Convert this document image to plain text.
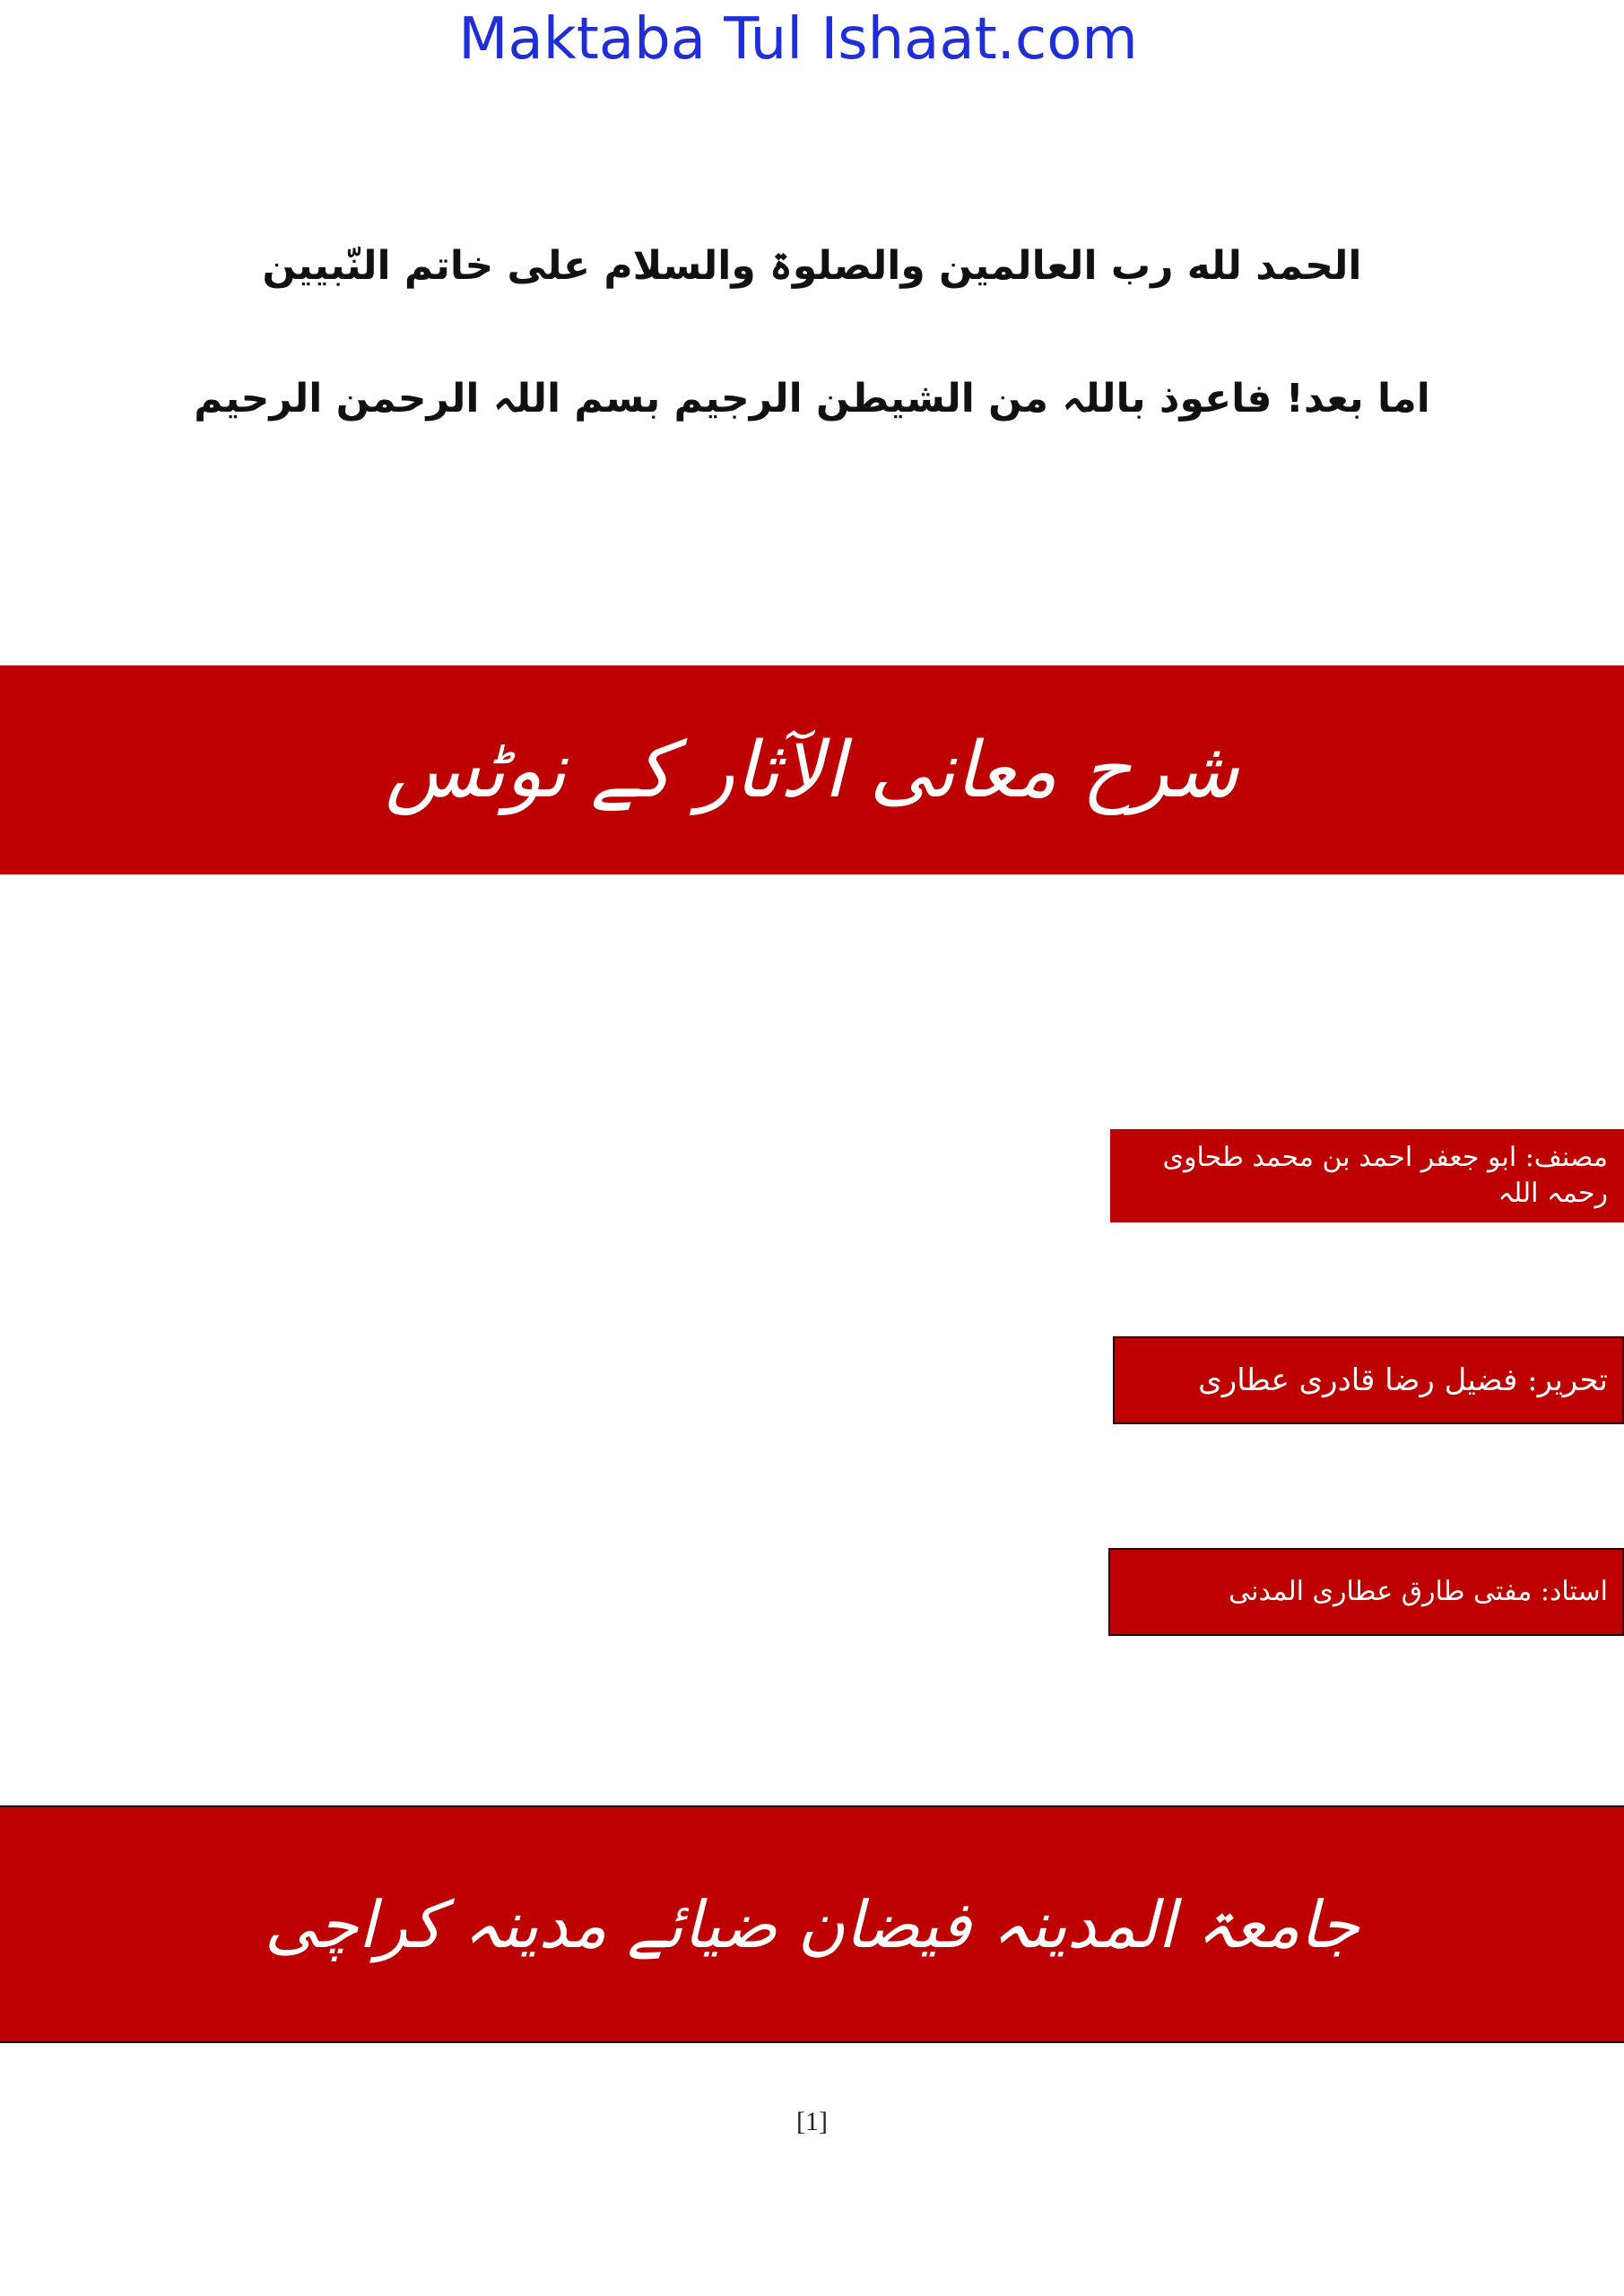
Maktaba Tul Ishaat.com
الحمد لله رب العالمین والصلوۃ والسلام علی خاتم النّبیین
اما بعد! فاعوذ باللہ من الشیطن الرجیم بسم اللہ الرحمن الرحیم
شرح معانی الآثار کے نوٹس
مصنف: ابو جعفر احمد بن محمد طحاوی رحمہ اللہ
تحریر: فضیل رضا قادری عطاری
استاد: مفتی طارق عطاری المدنی
جامعۃ المدینہ فیضان ضیائے مدینہ کراچی
[1]
